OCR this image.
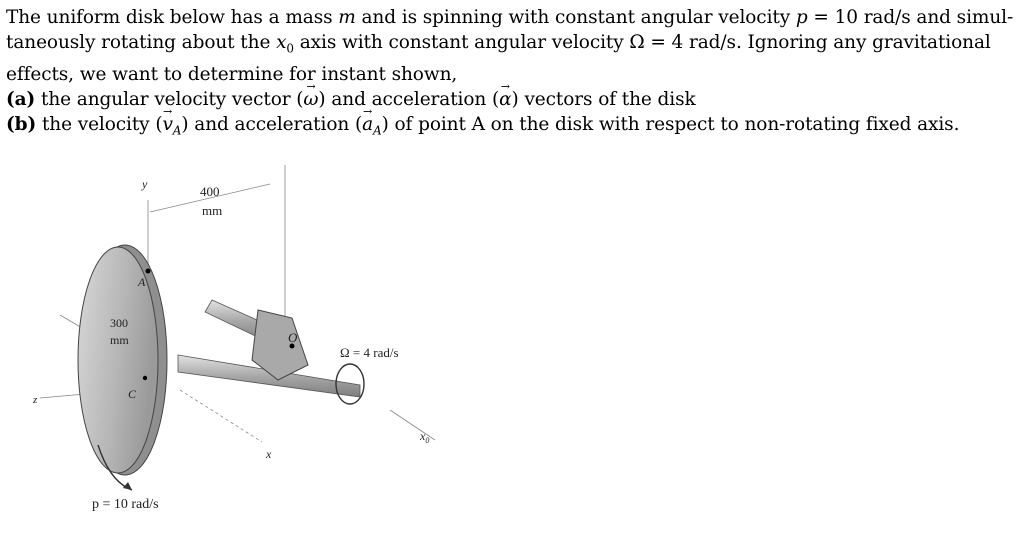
The uniform disk below has a mass m and is spinning with constant angular velocity p = 10 rad/s and simul-
taneously rotating about the $x_0$ axis with constant angular velocity Ω = 4 rad/s. Ignoring any gravitational
effects, we want to determine for instant shown,

(a) the angular velocity vector (→ ω) and acceleration (→ α) vectors of the disk

(b) the velocity (→ $v_A$) and acceleration (→ $a_A$) of point A on the disk with respect to non-rotating fixed axis.

y
x
z
$x_0$
A
C
O
400
mm
300
mm
Ω = 4 rad/s
p = 10 rad/s
